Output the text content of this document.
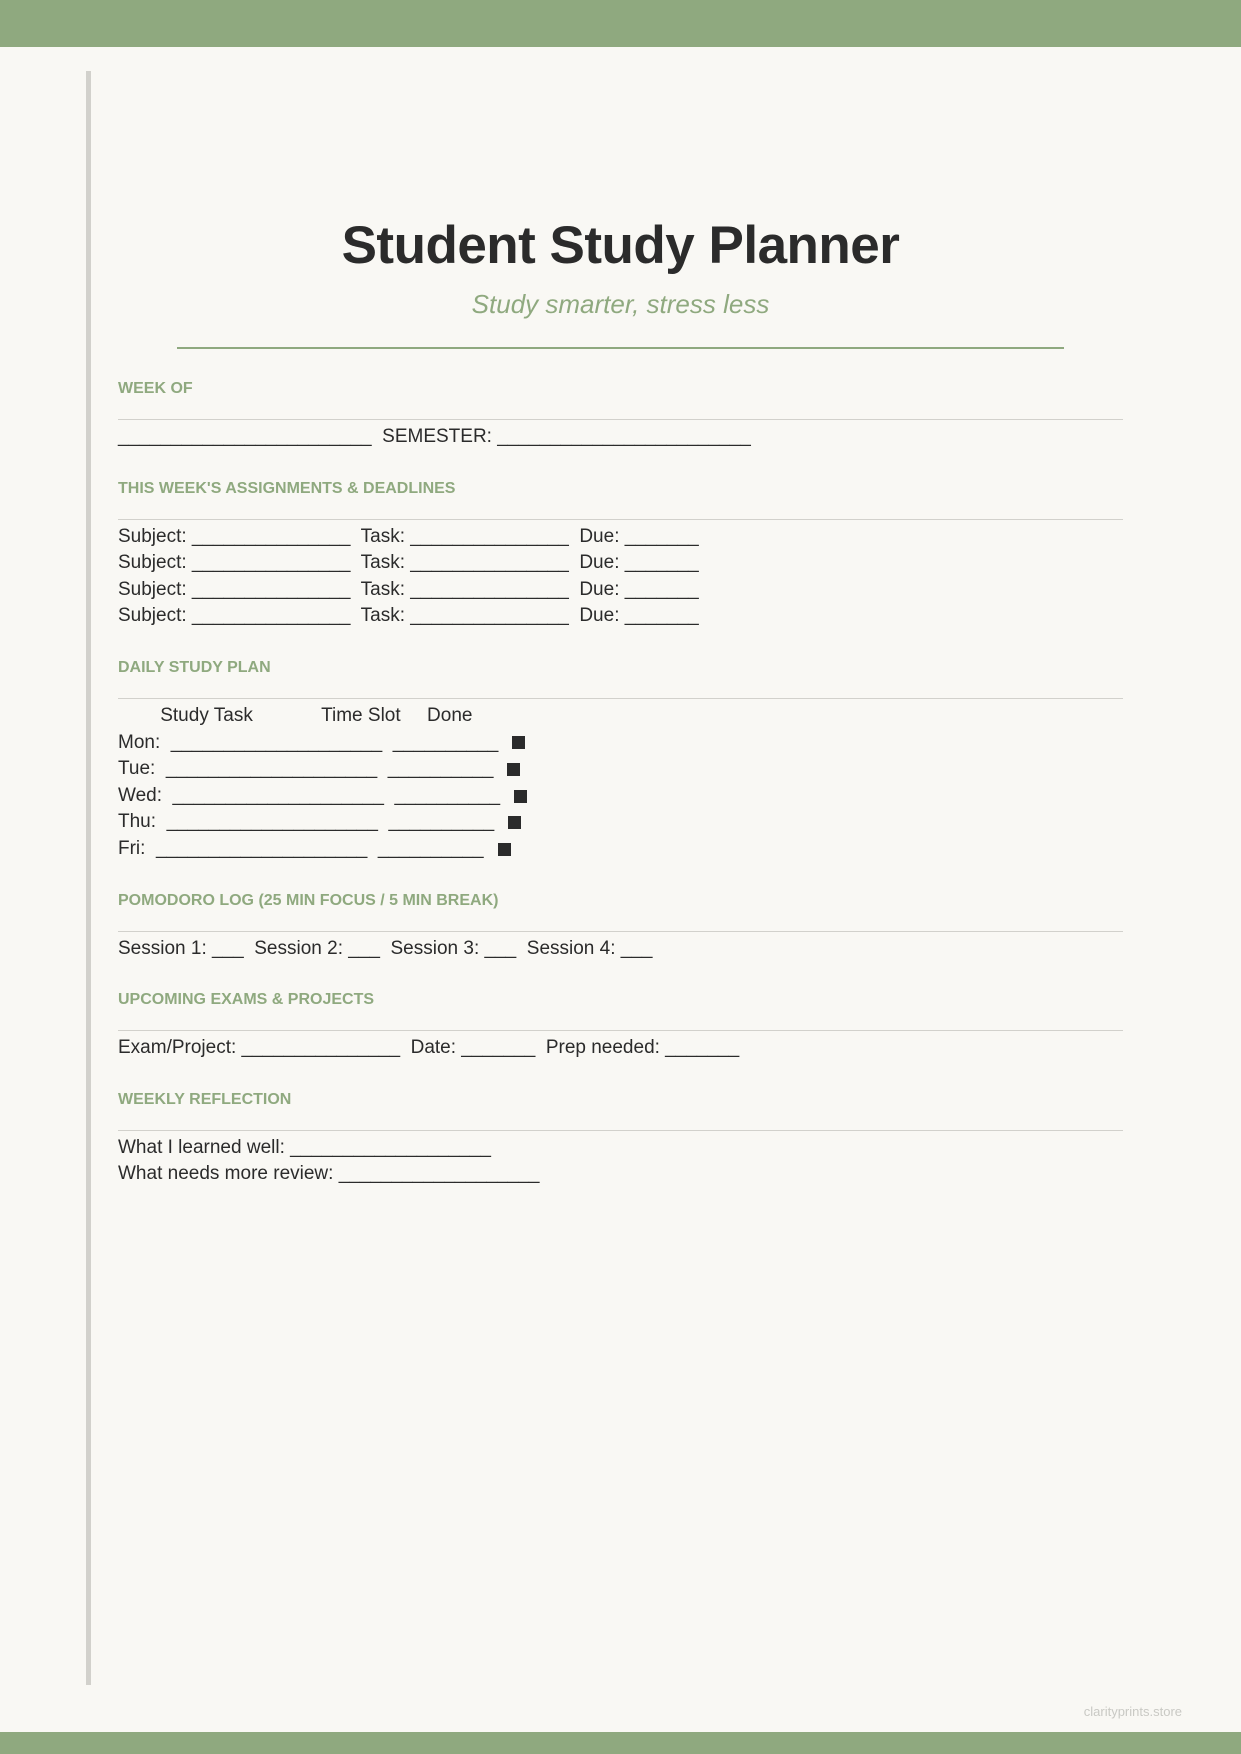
Student Study Planner
Study smarter, stress less
WEEK OF
________________________  SEMESTER: ________________________
THIS WEEK'S ASSIGNMENTS & DEADLINES
Subject: _______________  Task: _______________  Due: _______
Subject: _______________  Task: _______________  Due: _______
Subject: _______________  Task: _______________  Due: _______
Subject: _______________  Task: _______________  Due: _______
DAILY STUDY PLAN
Study Task             Time Slot     Done
Mon:  ____________________  __________
Tue:  ____________________  __________
Wed:  ____________________  __________
Thu:  ____________________  __________
Fri:  ____________________  __________
POMODORO LOG (25 MIN FOCUS / 5 MIN BREAK)
Session 1: ___  Session 2: ___  Session 3: ___  Session 4: ___
UPCOMING EXAMS & PROJECTS
Exam/Project: _______________  Date: _______  Prep needed: _______
WEEKLY REFLECTION
What I learned well: ___________________
What needs more review: ___________________
clarityprints.store
